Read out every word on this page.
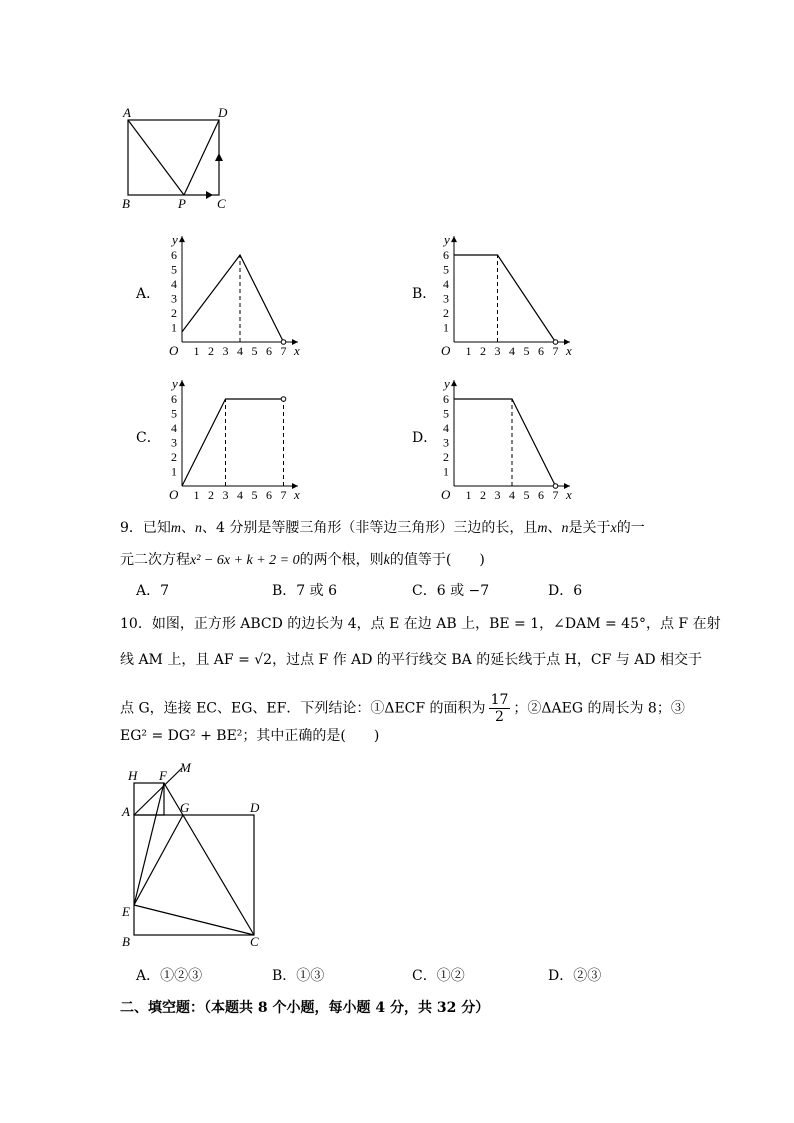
A	D
B	P C
A．
1 2 3 4 5 6 7
1
2
3
4
5
6
O	x
y
B．
1 2 3 4 5 6 7
1
2
3
4
5
6
O	x
y
C．
1 2 3 4 5 6 7
1
2
3
4
5
6
O	x
y
D．
1 2 3 4 5 6 7
1
2
3
4
5
6
O	x
y
9．已知m、n、4 分别是等腰三角形（非等边三角形）三边的长，且m、n是关于x的一
元二次方程x² − 6x + k + 2 = 0的两个根，则k的值等于(　　)
A．7	B．7 或 6	C．6 或 −7	D．6
10．如图，正方形 ABCD 的边长为 4，点 E 在边 AB 上，BE = 1，∠DAM = 45°，点 F 在射
线 AM 上，且 AF = √2，过点 F 作 AD 的平行线交 BA 的延长线于点 H，CF 与 AD 相交于
点 G，连接 EC、EG、EF．下列结论：①ΔECF 的面积为 $\frac{17}{2}$ ；②ΔAEG 的周长为 8；③
EG² = DG² + BE²；其中正确的是(　　)
H F
M
A	G	D
E
B	C
A．①②③	B．①③	C．①②	D．②③
二、填空题：（本题共 8 个小题，每小题 4 分，共 32 分）
